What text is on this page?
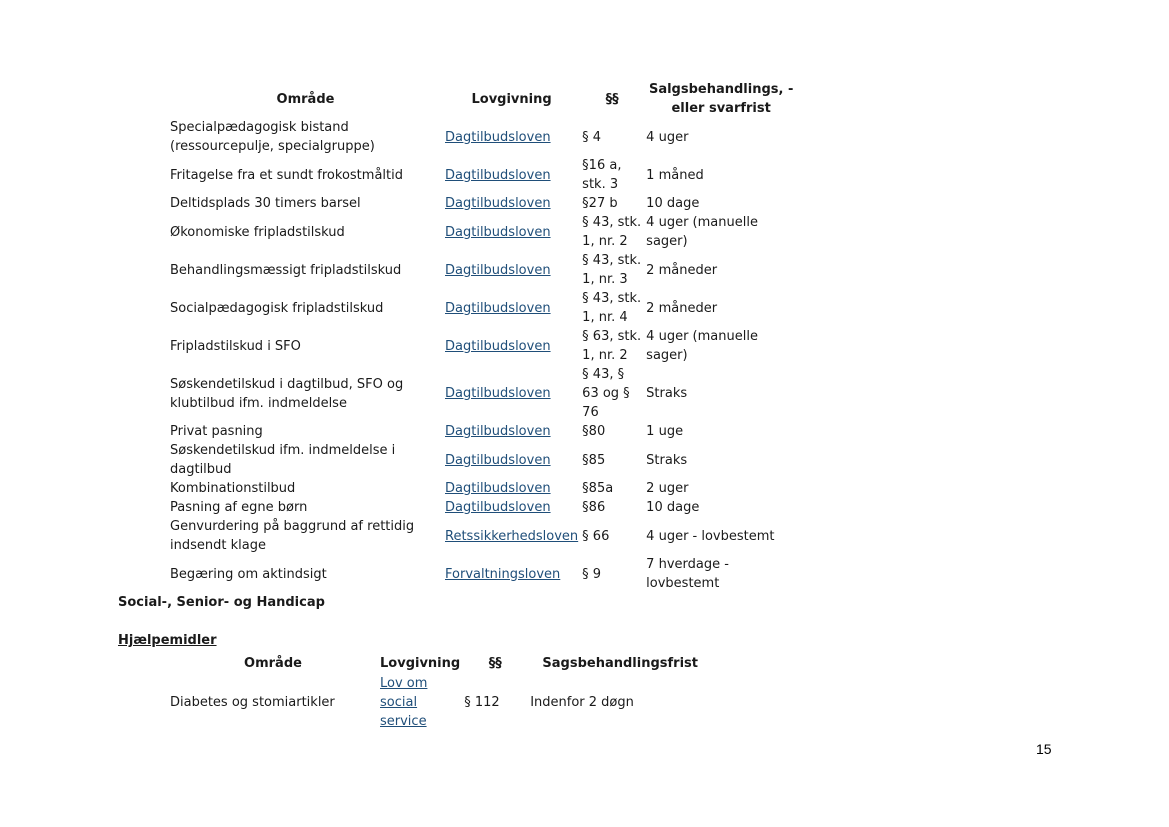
Område	Lovgivning	§§	Salgsbehandlings, -eller svarfrist
Specialpædagogisk bistand (ressourcepulje, specialgruppe)	Dagtilbudsloven	§ 4	4 uger
Fritagelse fra et sundt frokostmåltid	Dagtilbudsloven	§16 a, stk. 3	1 måned
Deltidsplads 30 timers barsel	Dagtilbudsloven	§27 b	10 dage
Økonomiske fripladstilskud	Dagtilbudsloven	§ 43, stk. 1, nr. 2	4 uger (manuelle sager)
Behandlingsmæssigt fripladstilskud	Dagtilbudsloven	§ 43, stk. 1, nr. 3	2 måneder
Socialpædagogisk fripladstilskud	Dagtilbudsloven	§ 43, stk. 1, nr. 4	2 måneder
Fripladstilskud i SFO	Dagtilbudsloven	§ 63, stk. 1, nr. 2	4 uger (manuelle sager)
Søskendetilskud i dagtilbud, SFO og klubtilbud ifm. indmeldelse	Dagtilbudsloven	§ 43, § 63 og § 76	Straks
Privat pasning	Dagtilbudsloven	§80	1 uge
Søskendetilskud ifm. indmeldelse i dagtilbud	Dagtilbudsloven	§85	Straks
Kombinationstilbud	Dagtilbudsloven	§85a	2 uger
Pasning af egne børn	Dagtilbudsloven	§86	10 dage
Genvurdering på baggrund af rettidig indsendt klage	Retssikkerhedsloven	§ 66	4 uger - lovbestemt
Begæring om aktindsigt	Forvaltningsloven	§ 9	7 hverdage - lovbestemt
Social-, Senior- og Handicap
Hjælpemidler
Område	Lovgivning	§§	Sagsbehandlingsfrist
Diabetes og stomiartikler	Lov om social service	§ 112	Indenfor 2 døgn
15
